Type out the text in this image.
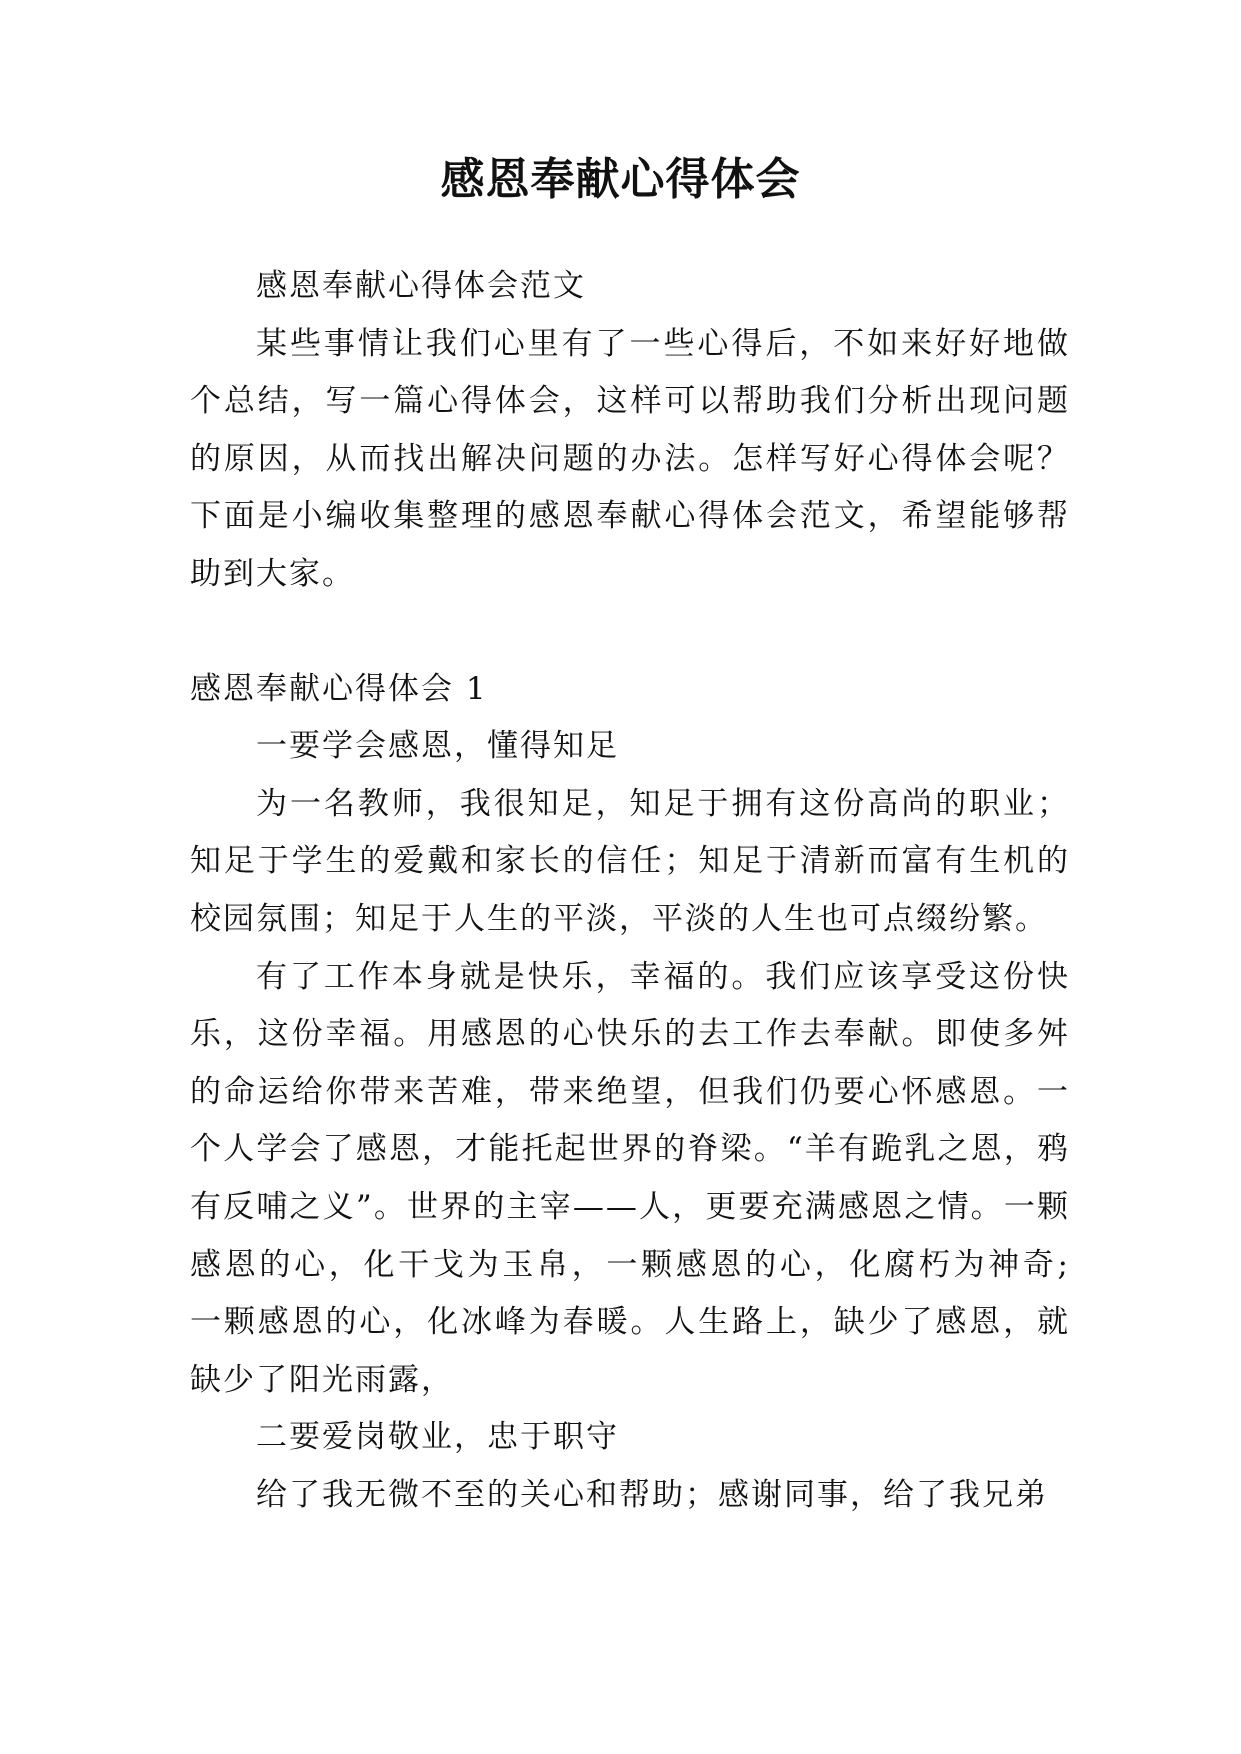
感恩奉献心得体会

感恩奉献心得体会范文

某些事情让我们心里有了一些心得后，不如来好好地做个总结，写一篇心得体会，这样可以帮助我们分析出现问题的原因，从而找出解决问题的办法。怎样写好心得体会呢？下面是小编收集整理的感恩奉献心得体会范文，希望能够帮助到大家。

感恩奉献心得体会 1

一要学会感恩，懂得知足

为一名教师，我很知足，知足于拥有这份高尚的职业；知足于学生的爱戴和家长的信任；知足于清新而富有生机的校园氛围；知足于人生的平淡，平淡的人生也可点缀纷繁。

有了工作本身就是快乐，幸福的。我们应该享受这份快乐，这份幸福。用感恩的心快乐的去工作去奉献。即使多舛的命运给你带来苦难，带来绝望，但我们仍要心怀感恩。一个人学会了感恩，才能托起世界的脊梁。“羊有跪乳之恩，鸦有反哺之义”。世界的主宰——人，更要充满感恩之情。一颗感恩的心，化干戈为玉帛，一颗感恩的心，化腐朽为神奇; 一颗感恩的心，化冰峰为春暖。人生路上，缺少了感恩，就缺少了阳光雨露，

二要爱岗敬业，忠于职守

给了我无微不至的关心和帮助；感谢同事，给了我兄弟
